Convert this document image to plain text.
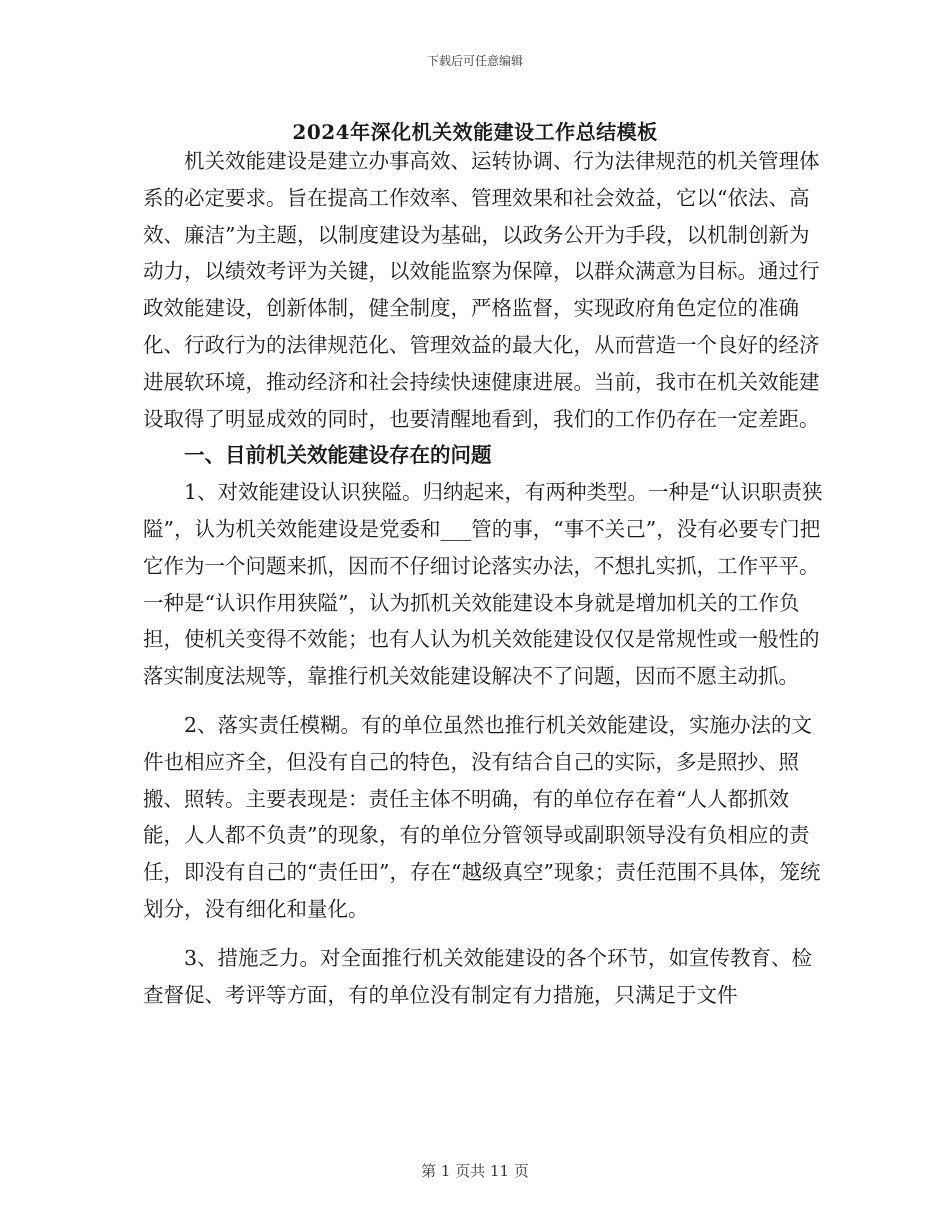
下载后可任意编辑
2024年深化机关效能建设工作总结模板

机关效能建设是建立办事高效、运转协调、行为法律规范的机关管理体系的必定要求。旨在提高工作效率、管理效果和社会效益，它以“依法、高效、廉洁”为主题，以制度建设为基础，以政务公开为手段，以机制创新为动力，以绩效考评为关键，以效能监察为保障，以群众满意为目标。通过行政效能建设，创新体制，健全制度，严格监督，实现政府角色定位的准确化、行政行为的法律规范化、管理效益的最大化，从而营造一个良好的经济进展软环境，推动经济和社会持续快速健康进展。当前，我市在机关效能建设取得了明显成效的同时，也要清醒地看到，我们的工作仍存在一定差距。

一、目前机关效能建设存在的问题

1、对效能建设认识狭隘。归纳起来，有两种类型。一种是“认识职责狭隘”，认为机关效能建设是党委和___管的事，“事不关己”，没有必要专门把它作为一个问题来抓，因而不仔细讨论落实办法，不想扎实抓，工作平平。一种是“认识作用狭隘”，认为抓机关效能建设本身就是增加机关的工作负担，使机关变得不效能；也有人认为机关效能建设仅仅是常规性或一般性的落实制度法规等，靠推行机关效能建设解决不了问题，因而不愿主动抓。

2、落实责任模糊。有的单位虽然也推行机关效能建设，实施办法的文件也相应齐全，但没有自己的特色，没有结合自己的实际，多是照抄、照搬、照转。主要表现是：责任主体不明确，有的单位存在着“人人都抓效能，人人都不负责”的现象，有的单位分管领导或副职领导没有负相应的责任，即没有自己的“责任田”，存在“越级真空”现象；责任范围不具体，笼统划分，没有细化和量化。

3、措施乏力。对全面推行机关效能建设的各个环节，如宣传教育、检查督促、考评等方面，有的单位没有制定有力措施，只满足于文件

第 1 页共 11 页
